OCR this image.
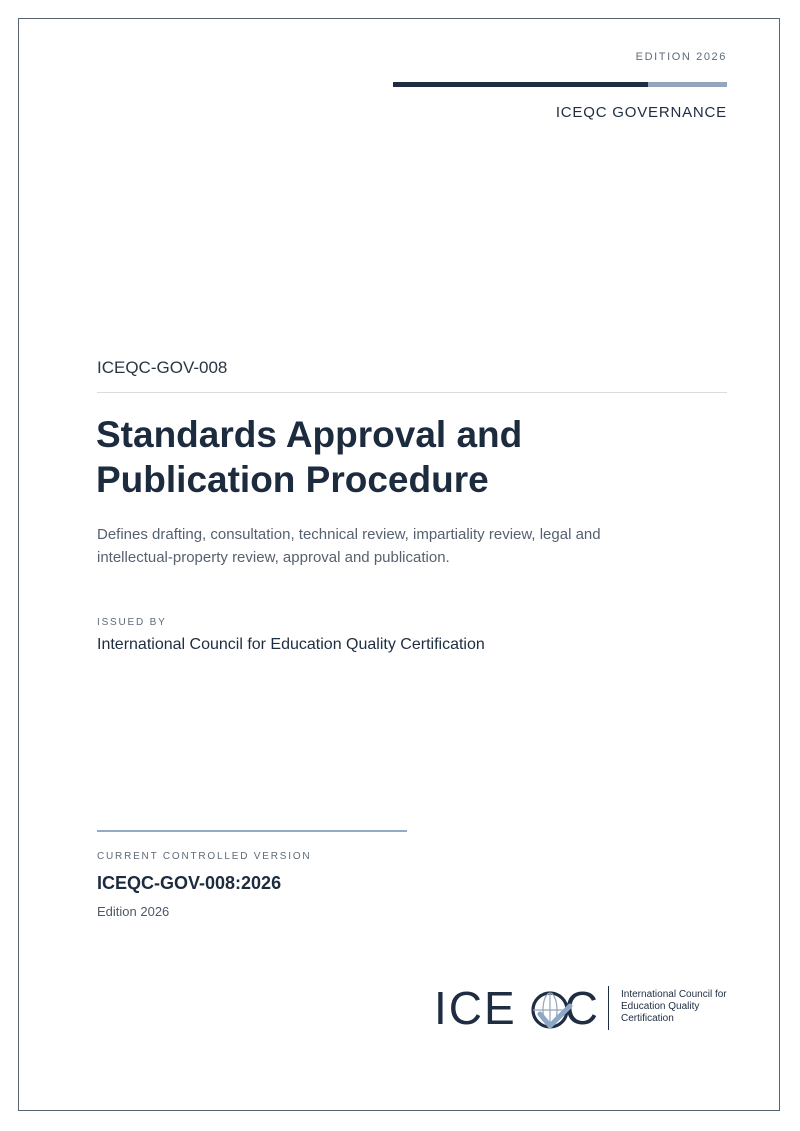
EDITION 2026
ICEQC GOVERNANCE
ICEQC-GOV-008
Standards Approval and
Publication Procedure

Defines drafting, consultation, technical review, impartiality review, legal and
intellectual-property review, approval and publication.

ISSUED BY
International Council for Education Quality Certification
CURRENT CONTROLLED VERSION
ICEQC-GOV-008:2026
Edition 2026
ICE C International Council for
Education Quality
Certification
